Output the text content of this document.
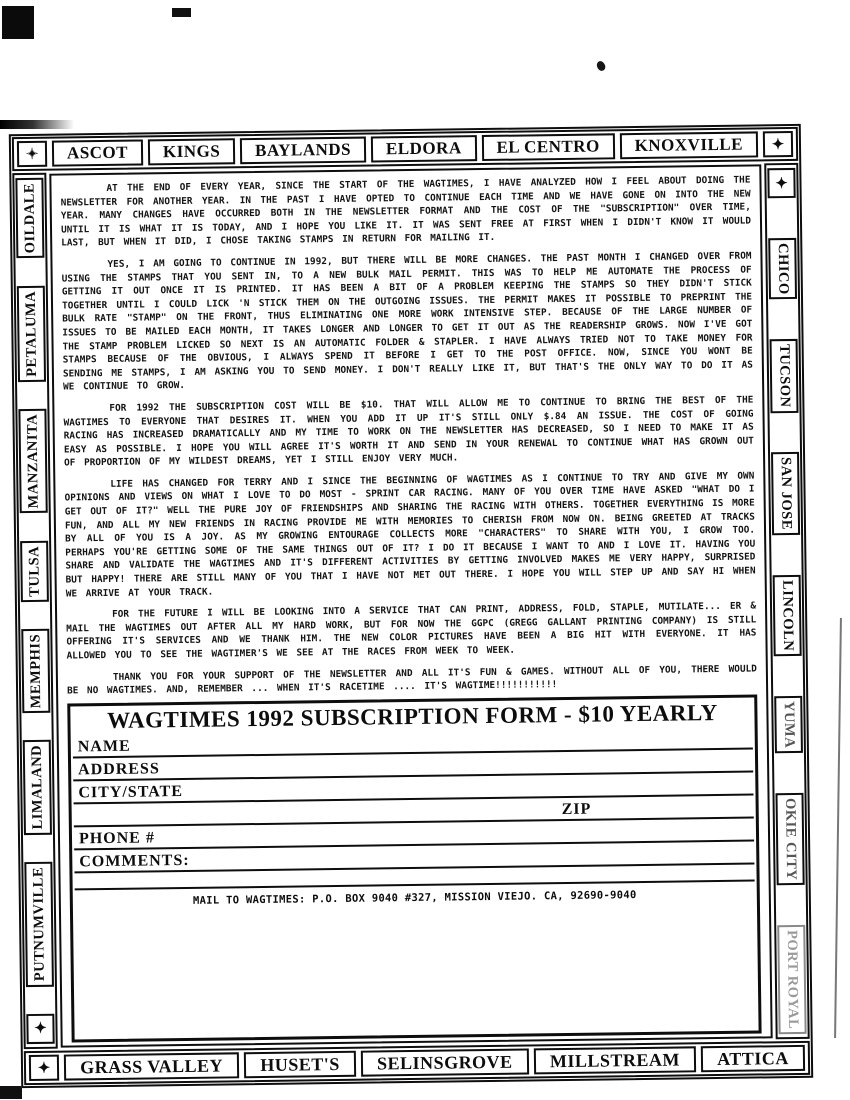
✦ ASCOT KINGS BAYLANDS ELDORA EL CENTRO KNOXVILLE ✦
OILDALE
PETALUMA
MANZANITA
TULSA
MEMPHIS
LIMALAND
PUTNUMVILLE
✦

AT THE END OF EVERY YEAR, SINCE THE START OF THE WAGTIMES, I HAVE ANALYZED HOW I FEEL ABOUT DOING THE NEWSLETTER FOR ANOTHER YEAR. IN THE PAST I HAVE OPTED TO CONTINUE EACH TIME AND WE HAVE GONE ON INTO THE NEW YEAR. MANY CHANGES HAVE OCCURRED BOTH IN THE NEWSLETTER FORMAT AND THE COST OF THE "SUBSCRIPTION" OVER TIME, UNTIL IT IS WHAT IT IS TODAY, AND I HOPE YOU LIKE IT. IT WAS SENT FREE AT FIRST WHEN I DIDN'T KNOW IT WOULD LAST, BUT WHEN IT DID, I CHOSE TAKING STAMPS IN RETURN FOR MAILING IT.

YES, I AM GOING TO CONTINUE IN 1992, BUT THERE WILL BE MORE CHANGES. THE PAST MONTH I CHANGED OVER FROM USING THE STAMPS THAT YOU SENT IN, TO A NEW BULK MAIL PERMIT. THIS WAS TO HELP ME AUTOMATE THE PROCESS OF GETTING IT OUT ONCE IT IS PRINTED. IT HAS BEEN A BIT OF A PROBLEM KEEPING THE STAMPS SO THEY DIDN'T STICK TOGETHER UNTIL I COULD LICK 'N STICK THEM ON THE OUTGOING ISSUES. THE PERMIT MAKES IT POSSIBLE TO PREPRINT THE BULK RATE "STAMP" ON THE FRONT, THUS ELIMINATING ONE MORE WORK INTENSIVE STEP. BECAUSE OF THE LARGE NUMBER OF ISSUES TO BE MAILED EACH MONTH, IT TAKES LONGER AND LONGER TO GET IT OUT AS THE READERSHIP GROWS. NOW I'VE GOT THE STAMP PROBLEM LICKED SO NEXT IS AN AUTOMATIC FOLDER & STAPLER. I HAVE ALWAYS TRIED NOT TO TAKE MONEY FOR STAMPS BECAUSE OF THE OBVIOUS, I ALWAYS SPEND IT BEFORE I GET TO THE POST OFFICE. NOW, SINCE YOU WONT BE SENDING ME STAMPS, I AM ASKING YOU TO SEND MONEY. I DON'T REALLY LIKE IT, BUT THAT'S THE ONLY WAY TO DO IT AS WE CONTINUE TO GROW.

FOR 1992 THE SUBSCRIPTION COST WILL BE $10. THAT WILL ALLOW ME TO CONTINUE TO BRING THE BEST OF THE WAGTIMES TO EVERYONE THAT DESIRES IT. WHEN YOU ADD IT UP IT'S STILL ONLY $.84 AN ISSUE. THE COST OF GOING RACING HAS INCREASED DRAMATICALLY AND MY TIME TO WORK ON THE NEWSLETTER HAS DECREASED, SO I NEED TO MAKE IT AS EASY AS POSSIBLE. I HOPE YOU WILL AGREE IT'S WORTH IT AND SEND IN YOUR RENEWAL TO CONTINUE WHAT HAS GROWN OUT OF PROPORTION OF MY WILDEST DREAMS, YET I STILL ENJOY VERY MUCH.

LIFE HAS CHANGED FOR TERRY AND I SINCE THE BEGINNING OF WAGTIMES AS I CONTINUE TO TRY AND GIVE MY OWN OPINIONS AND VIEWS ON WHAT I LOVE TO DO MOST - SPRINT CAR RACING. MANY OF YOU OVER TIME HAVE ASKED "WHAT DO I GET OUT OF IT?" WELL THE PURE JOY OF FRIENDSHIPS AND SHARING THE RACING WITH OTHERS. TOGETHER EVERYTHING IS MORE FUN, AND ALL MY NEW FRIENDS IN RACING PROVIDE ME WITH MEMORIES TO CHERISH FROM NOW ON. BEING GREETED AT TRACKS BY ALL OF YOU IS A JOY. AS MY GROWING ENTOURAGE COLLECTS MORE "CHARACTERS" TO SHARE WITH YOU, I GROW TOO. PERHAPS YOU'RE GETTING SOME OF THE SAME THINGS OUT OF IT? I DO IT BECAUSE I WANT TO AND I LOVE IT. HAVING YOU SHARE AND VALIDATE THE WAGTIMES AND IT'S DIFFERENT ACTIVITIES BY GETTING INVOLVED MAKES ME VERY HAPPY, SURPRISED BUT HAPPY! THERE ARE STILL MANY OF YOU THAT I HAVE NOT MET OUT THERE. I HOPE YOU WILL STEP UP AND SAY HI WHEN WE ARRIVE AT YOUR TRACK.

FOR THE FUTURE I WILL BE LOOKING INTO A SERVICE THAT CAN PRINT, ADDRESS, FOLD, STAPLE, MUTILATE... ER & MAIL THE WAGTIMES OUT AFTER ALL MY HARD WORK, BUT FOR NOW THE GGPC (GREGG GALLANT PRINTING COMPANY) IS STILL OFFERING IT'S SERVICES AND WE THANK HIM. THE NEW COLOR PICTURES HAVE BEEN A BIG HIT WITH EVERYONE. IT HAS ALLOWED YOU TO SEE THE WAGTIMER'S WE SEE AT THE RACES FROM WEEK TO WEEK.

THANK YOU FOR YOUR SUPPORT OF THE NEWSLETTER AND ALL IT'S FUN & GAMES. WITHOUT ALL OF YOU, THERE WOULD BE NO WAGTIMES. AND, REMEMBER ... WHEN IT'S RACETIME .... IT'S WAGTIME!!!!!!!!!!!

WAGTIMES 1992 SUBSCRIPTION FORM - $10 YEARLY
NAME
ADDRESS
CITY/STATE
ZIP
PHONE #
COMMENTS:
MAIL TO WAGTIMES: P.O. BOX 9040 #327, MISSION VIEJO. CA, 92690-9040
✦
CHICO
TUCSON
SAN JOSE
LINCOLN
YUMA
OKIE CITY
PORT ROYAL
✦ GRASS VALLEY HUSET'S SELINSGROVE MILLSTREAM ATTICA
